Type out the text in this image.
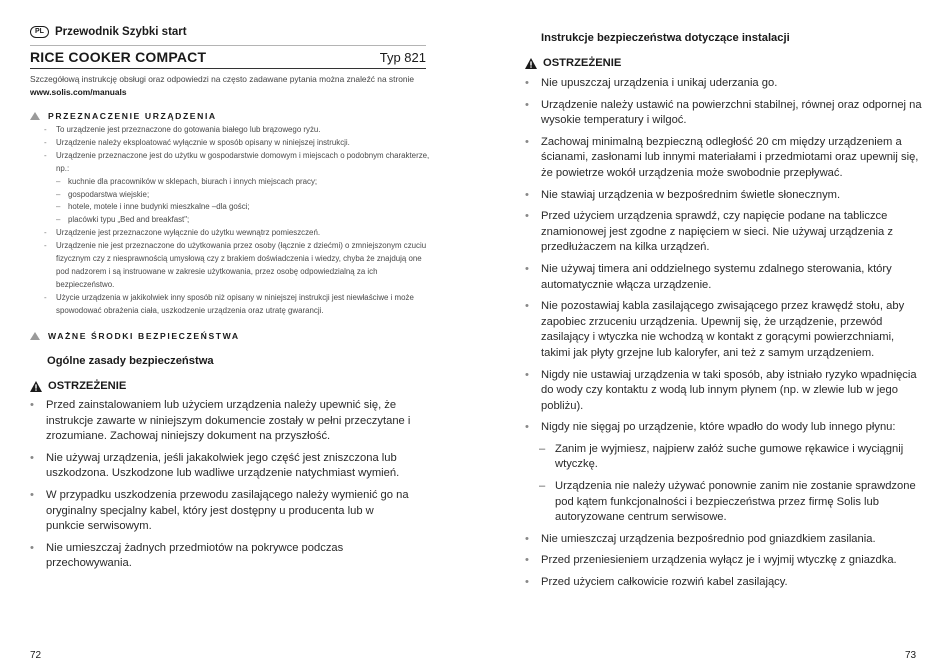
PL Przewodnik Szybki start
RICE COOKER COMPACT	Typ 821
Szczegółową instrukcję obsługi oraz odpowiedzi na często zadawane pytania można znaleźć na stronie
www.solis.com/manuals
PRZEZNACZENIE URZĄDZENIA
- To urządzenie jest przeznaczone do gotowania białego lub brązowego ryżu.
- Urządzenie należy eksploatować wyłącznie w sposób opisany w niniejszej instrukcji.
- Urządzenie przeznaczone jest do użytku w gospodarstwie domowym i miejscach o podobnym charakterze, np.:
– kuchnie dla pracowników w sklepach, biurach i innych miejscach pracy;
– gospodarstwa wiejskie;
– hotele, motele i inne budynki mieszkalne –dla gości;
– placówki typu „Bed and breakfast";
- Urządzenie jest przeznaczone wyłącznie do użytku wewnątrz pomieszczeń.
- Urządzenie nie jest przeznaczone do użytkowania przez osoby (łącznie z dziećmi) o zmniejszonym czuciu fizycznym czy z niesprawnością umysłową czy z brakiem doświadczenia i wiedzy, chyba że znajdują one pod nadzorem i są instruowane w zakresie użytkowania, przez osobę odpowiedzialną za ich bezpieczeństwo.
- Użycie urządzenia w jakikolwiek inny sposób niż opisany w niniejszej instrukcji jest niewłaściwe i może spowodować obrażenia ciała, uszkodzenie urządzenia oraz utratę gwarancji.
WAŻNE ŚRODKI BEZPIECZEŃSTWA
Ogólne zasady bezpieczeństwa
OSTRZEŻENIE
• Przed zainstalowaniem lub użyciem urządzenia należy upewnić się, że instrukcje zawarte w niniejszym dokumencie zostały w pełni przeczytane i zrozumiane. Zachowaj niniejszy dokument na przyszłość.
• Nie używaj urządzenia, jeśli jakakolwiek jego część jest zniszczona lub uszkodzona. Uszkodzone lub wadliwe urządzenie natychmiast wymień.
• W przypadku uszkodzenia przewodu zasilającego należy wymienić go na oryginalny specjalny kabel, który jest dostępny u producenta lub w punkcie serwisowym.
• Nie umieszczaj żadnych przedmiotów na pokrywce podczas przechowywania.
72
Instrukcje bezpieczeństwa dotyczące instalacji
OSTRZEŻENIE
• Nie upuszczaj urządzenia i unikaj uderzania go.
• Urządzenie należy ustawić na powierzchni stabilnej, równej oraz odpornej na wysokie temperatury i wilgoć.
• Zachowaj minimalną bezpieczną odległość 20 cm między urządzeniem a ścianami, zasłonami lub innymi materiałami i przedmiotami oraz upewnij się, że powietrze wokół urządzenia może swobodnie przepływać.
• Nie stawiaj urządzenia w bezpośrednim świetle słonecznym.
• Przed użyciem urządzenia sprawdź, czy napięcie podane na tabliczce znamionowej jest zgodne z napięciem w sieci. Nie używaj urządzenia z przedłużaczem na kilka urządzeń.
• Nie używaj timera ani oddzielnego systemu zdalnego sterowania, który automatycznie włącza urządzenie.
• Nie pozostawiaj kabla zasilającego zwisającego przez krawędź stołu, aby zapobiec zrzuceniu urządzenia. Upewnij się, że urządzenie, przewód zasilający i wtyczka nie wchodzą w kontakt z gorącymi powierzchniami, takimi jak płyty grzejne lub kaloryfer, ani też z samym urządzeniem.
• Nigdy nie ustawiaj urządzenia w taki sposób, aby istniało ryzyko wpadnięcia do wody czy kontaktu z wodą lub innym płynem (np. w zlewie lub w jego pobliżu).
• Nigdy nie sięgaj po urządzenie, które wpadło do wody lub innego płynu:
– Zanim je wyjmiesz, najpierw załóż suche gumowe rękawice i wyciągnij wtyczkę.
– Urządzenia nie należy używać ponownie zanim nie zostanie sprawdzone pod kątem funkcjonalności i bezpieczeństwa przez firmę Solis lub autoryzowane centrum serwisowe.
• Nie umieszczaj urządzenia bezpośrednio pod gniazdkiem zasilania.
• Przed przeniesieniem urządzenia wyłącz je i wyjmij wtyczkę z gniazdka.
• Przed użyciem całkowicie rozwiń kabel zasilający.
73
